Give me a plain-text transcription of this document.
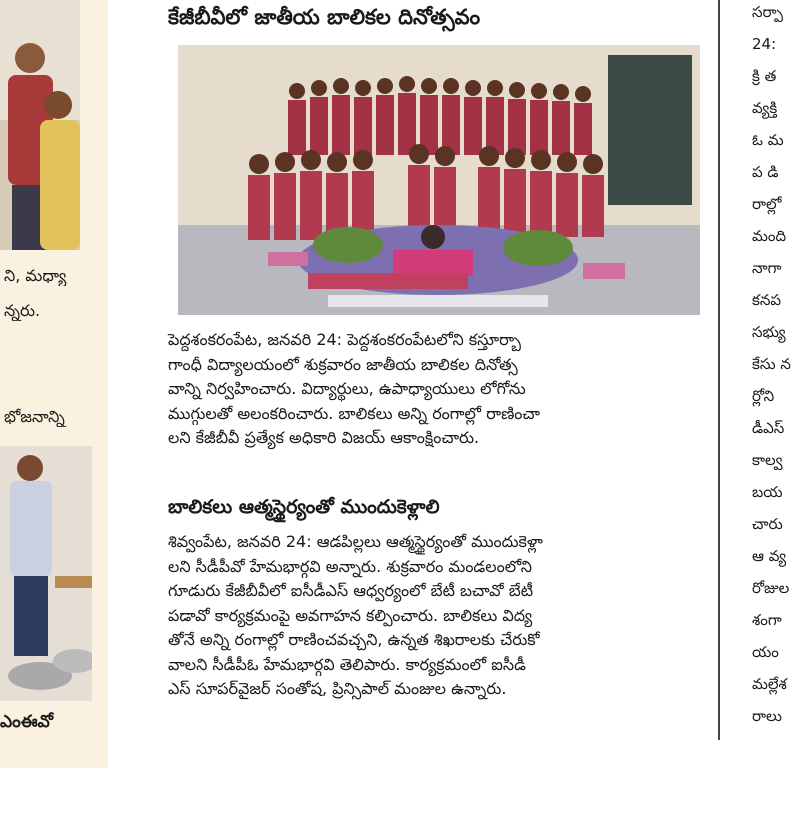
ని, మధ్యా
న్నరు.
భోజనాన్ని
ఎంఈవో
కేజీబీవీలో జాతీయ బాలికల దినోత్సవం

పెద్దశంకరంపేట, జనవరి 24: పెద్దశంకరంపేటలోని కస్తూర్బా
గాంధీ విద్యాలయంలో శుక్రవారం జాతీయ బాలికల దినోత్స
వాన్ని నిర్వహించారు. విద్యార్థులు, ఉపాధ్యాయులు లోగోను
ముగ్గులతో అలంకరించారు. బాలికలు అన్ని రంగాల్లో రాణించా
లని కేజీబీవీ ప్రత్యేక అధికారి విజయ్ ఆకాంక్షించారు.

బాలికలు ఆత్మస్థైర్యంతో ముందుకెళ్లాలి

శివ్వంపేట, జనవరి 24: ఆడపిల్లలు ఆత్మస్థైర్యంతో ముందుకెళ్లా
లని సీడీపీవో హేమభార్గవి అన్నారు. శుక్రవారం మండలంలోని
గూడురు కేజీబీవీలో ఐసీడీఎస్ ఆధ్వర్యంలో బేటీ బచావో బేటీ
పడావో కార్యక్రమంపై అవగాహన కల్పించారు. బాలికలు విద్య
తోనే అన్ని రంగాల్లో రాణించవచ్చని, ఉన్నత శిఖరాలకు చేరుకో
వాలని సీడీపీఓ హేమభార్గవి తెలిపారు. కార్యక్రమంలో ఐసీడీ
ఎస్ సూపర్‌వైజర్ సంతోష, ప్రిన్సిపాల్ మంజుల ఉన్నారు.

సర్పా
24:
క్రి త
వ్యక్తి
ఓ మ
ప డి
రాల్లో
మంది
నాగా
కనప
సభ్యు
కేసు న
ర్లోని
డీఎస్
కాల్వ
బయ
చారు
ఆ వ్య
రోజుల
శంగా
యం
మల్లేశ
రాలు
